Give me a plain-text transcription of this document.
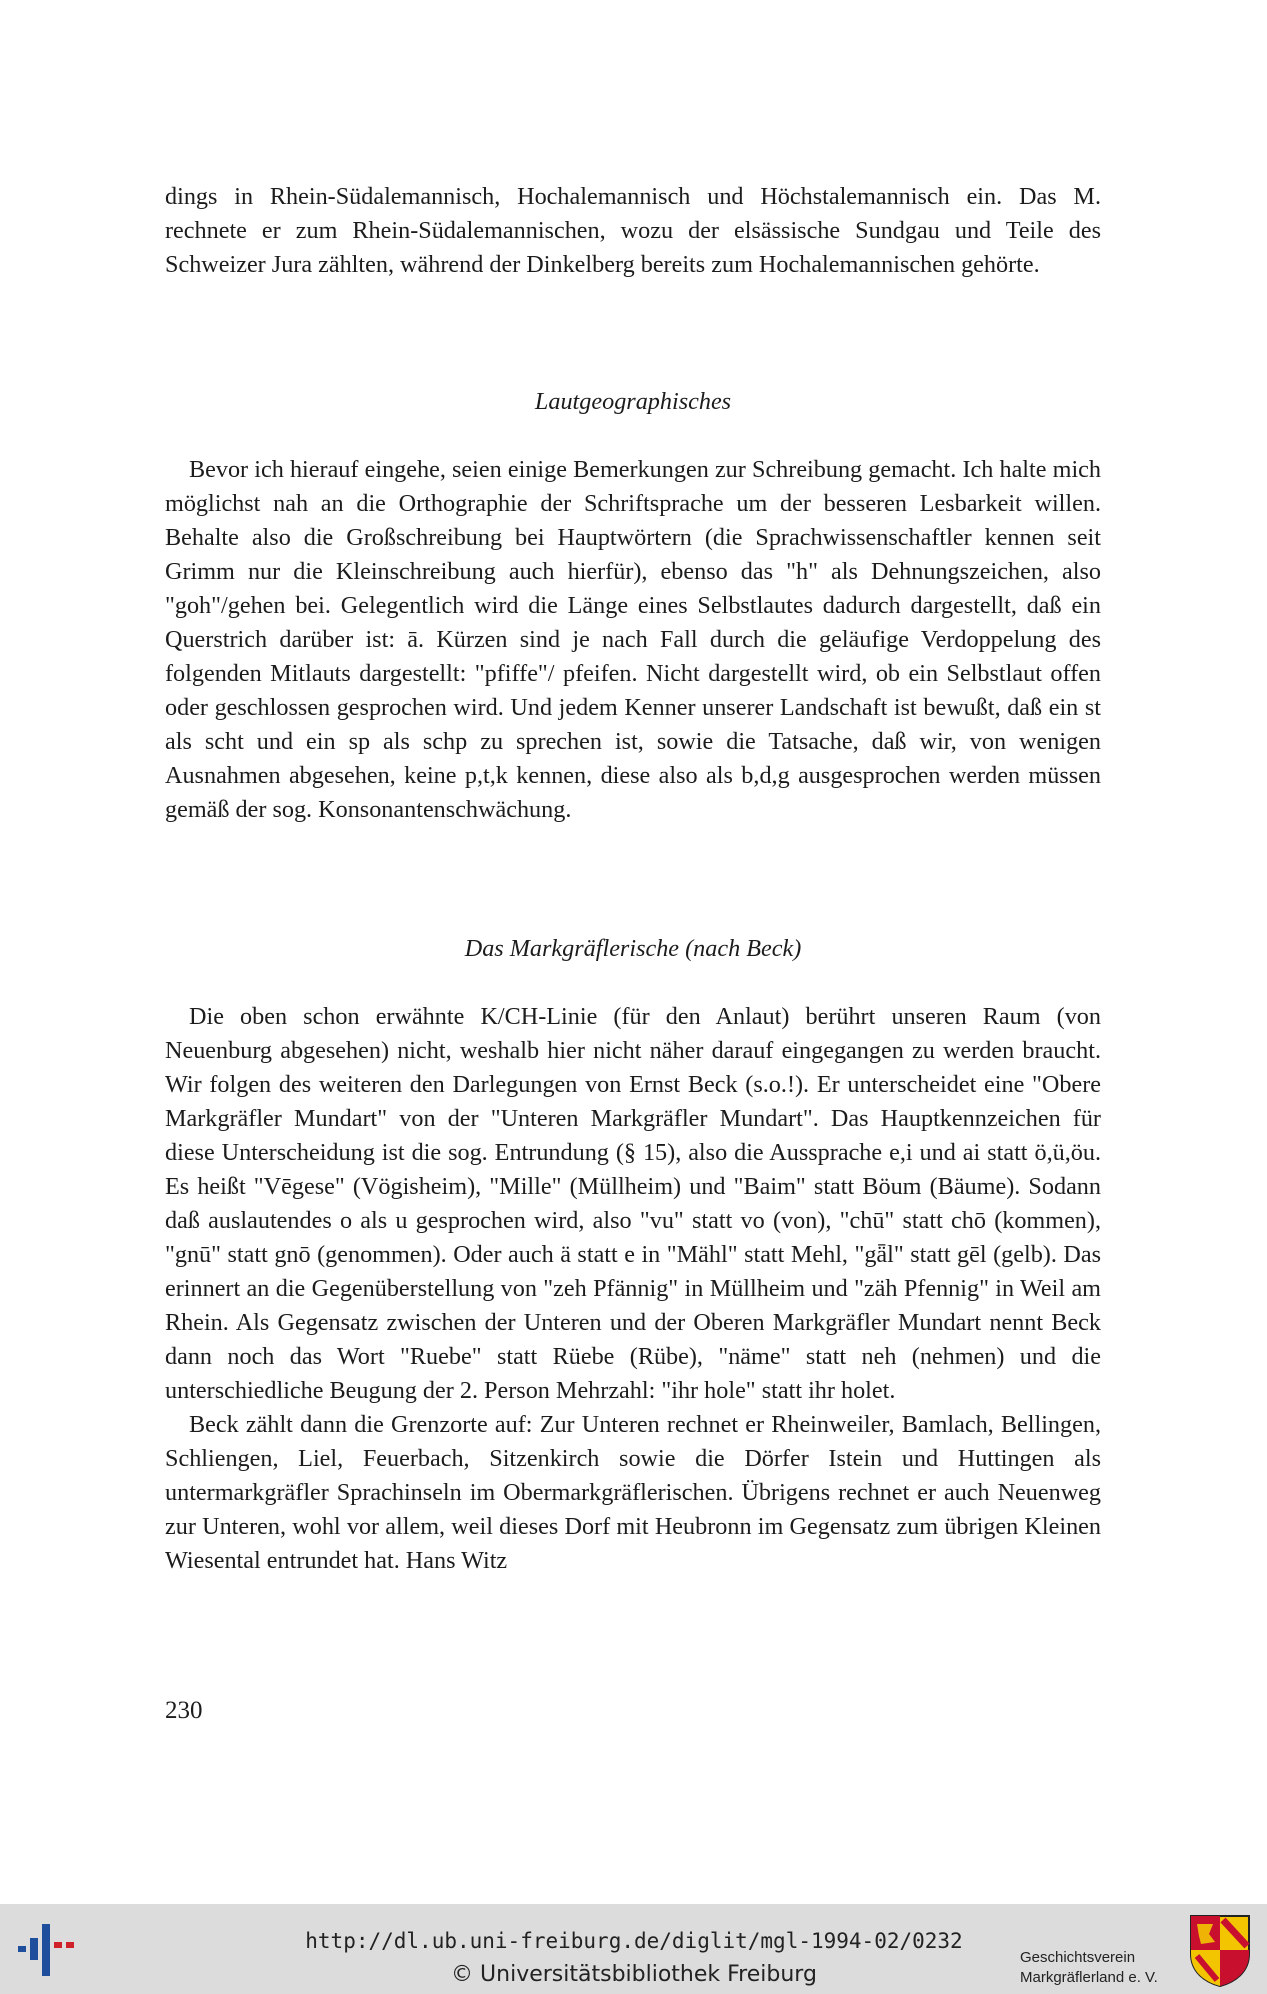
dings in Rhein-Südalemannisch, Hochalemannisch und Höchstalemannisch ein. Das M. rechnete er zum Rhein-Südalemannischen, wozu der elsässische Sundgau und Teile des Schweizer Jura zählten, während der Dinkelberg bereits zum Hochalemannischen gehörte.

Lautgeographisches

Bevor ich hierauf eingehe, seien einige Bemerkungen zur Schreibung gemacht. Ich halte mich möglichst nah an die Orthographie der Schriftsprache um der besseren Lesbarkeit willen. Behalte also die Großschreibung bei Hauptwörtern (die Sprachwissenschaftler kennen seit Grimm nur die Kleinschreibung auch hierfür), ebenso das "h" als Dehnungszeichen, also "goh"/gehen bei. Gelegentlich wird die Länge eines Selbstlautes dadurch dargestellt, daß ein Querstrich darüber ist: ā. Kürzen sind je nach Fall durch die geläufige Verdoppelung des folgenden Mitlauts dargestellt: "pfiffe"/ pfeifen. Nicht dargestellt wird, ob ein Selbstlaut offen oder geschlossen gesprochen wird. Und jedem Kenner unserer Landschaft ist bewußt, daß ein st als scht und ein sp als schp zu sprechen ist, sowie die Tatsache, daß wir, von wenigen Ausnahmen abgesehen, keine p,t,k kennen, diese also als b,d,g ausgesprochen werden müssen gemäß der sog. Konsonantenschwächung.

Das Markgräflerische (nach Beck)

Die oben schon erwähnte K/CH-Linie (für den Anlaut) berührt unseren Raum (von Neuenburg abgesehen) nicht, weshalb hier nicht näher darauf eingegangen zu werden braucht. Wir folgen des weiteren den Darlegungen von Ernst Beck (s.o.!). Er unterscheidet eine "Obere Markgräfler Mundart" von der "Unteren Markgräfler Mundart". Das Hauptkennzeichen für diese Unterscheidung ist die sog. Entrundung (§ 15), also die Aussprache e,i und ai statt ö,ü,öu. Es heißt "Vēgese" (Vögisheim), "Mille" (Müllheim) und "Baim" statt Böum (Bäume). Sodann daß auslautendes o als u gesprochen wird, also "vu" statt vo (von), "chū" statt chō (kommen), "gnū" statt gnō (genommen). Oder auch ä statt e in "Mähl" statt Mehl, "gǟl" statt gēl (gelb). Das erinnert an die Gegenüberstellung von "zeh Pfännig" in Müllheim und "zäh Pfennig" in Weil am Rhein. Als Gegensatz zwischen der Unteren und der Oberen Markgräfler Mundart nennt Beck dann noch das Wort "Ruebe" statt Rüebe (Rübe), "näme" statt neh (nehmen) und die unterschiedliche Beugung der 2. Person Mehrzahl: "ihr hole" statt ihr holet.

Beck zählt dann die Grenzorte auf: Zur Unteren rechnet er Rheinweiler, Bamlach, Bellingen, Schliengen, Liel, Feuerbach, Sitzenkirch sowie die Dörfer Istein und Huttingen als untermarkgräfler Sprachinseln im Obermarkgräflerischen. Übrigens rechnet er auch Neuenweg zur Unteren, wohl vor allem, weil dieses Dorf mit Heubronn im Gegensatz zum übrigen Kleinen Wiesental entrundet hat. Hans Witz

230
http://dl.ub.uni-freiburg.de/diglit/mgl-1994-02/0232
© Universitätsbibliothek Freiburg
Geschichtsverein
Markgräflerland e. V.
